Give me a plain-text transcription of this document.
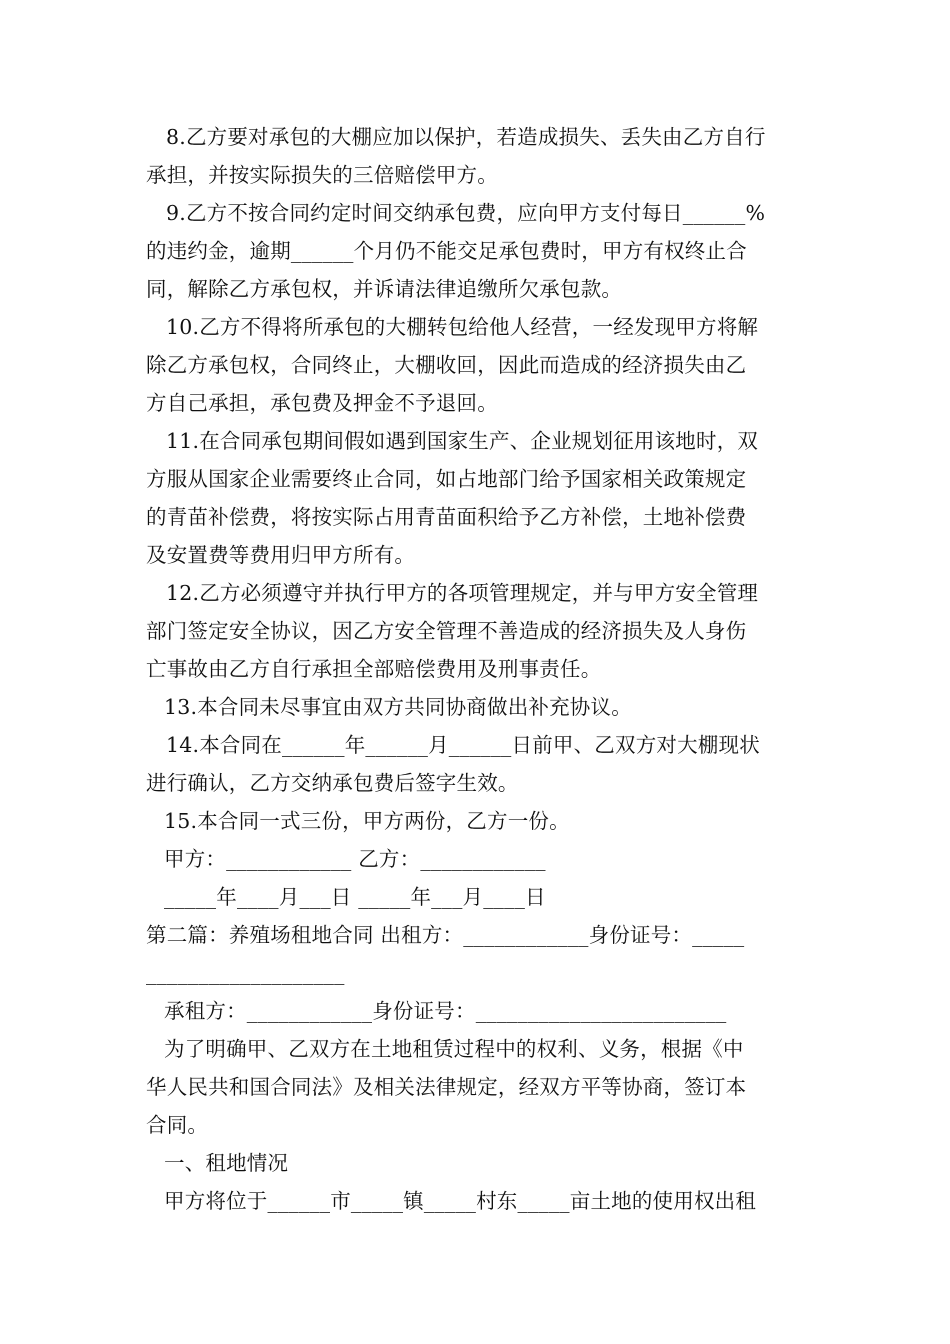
8.乙方要对承包的大棚应加以保护，若造成损失、丢失由乙方自行
承担，并按实际损失的三倍赔偿甲方。
9.乙方不按合同约定时间交纳承包费，应向甲方支付每日______%
的违约金，逾期______个月仍不能交足承包费时，甲方有权终止合
同，解除乙方承包权，并诉请法律追缴所欠承包款。
10.乙方不得将所承包的大棚转包给他人经营，一经发现甲方将解
除乙方承包权，合同终止，大棚收回，因此而造成的经济损失由乙
方自己承担，承包费及押金不予退回。
11.在合同承包期间假如遇到国家生产、企业规划征用该地时，双
方服从国家企业需要终止合同，如占地部门给予国家相关政策规定
的青苗补偿费，将按实际占用青苗面积给予乙方补偿，土地补偿费
及安置费等费用归甲方所有。
12.乙方必须遵守并执行甲方的各项管理规定，并与甲方安全管理
部门签定安全协议，因乙方安全管理不善造成的经济损失及人身伤
亡事故由乙方自行承担全部赔偿费用及刑事责任。
13.本合同未尽事宜由双方共同协商做出补充协议。
14.本合同在______年______月______日前甲、乙双方对大棚现状
进行确认，乙方交纳承包费后签字生效。
15.本合同一式三份，甲方两份，乙方一份。
甲方：____________ 乙方：____________
_____年____月___日 _____年___月____日
第二篇：养殖场租地合同 出租方：____________身份证号：_____
___________________
承租方：____________身份证号：________________________
为了明确甲、乙双方在土地租赁过程中的权利、义务，根据《中
华人民共和国合同法》及相关法律规定，经双方平等协商，签订本
合同。
一、租地情况
甲方将位于______市_____镇_____村东_____亩土地的使用权出租
